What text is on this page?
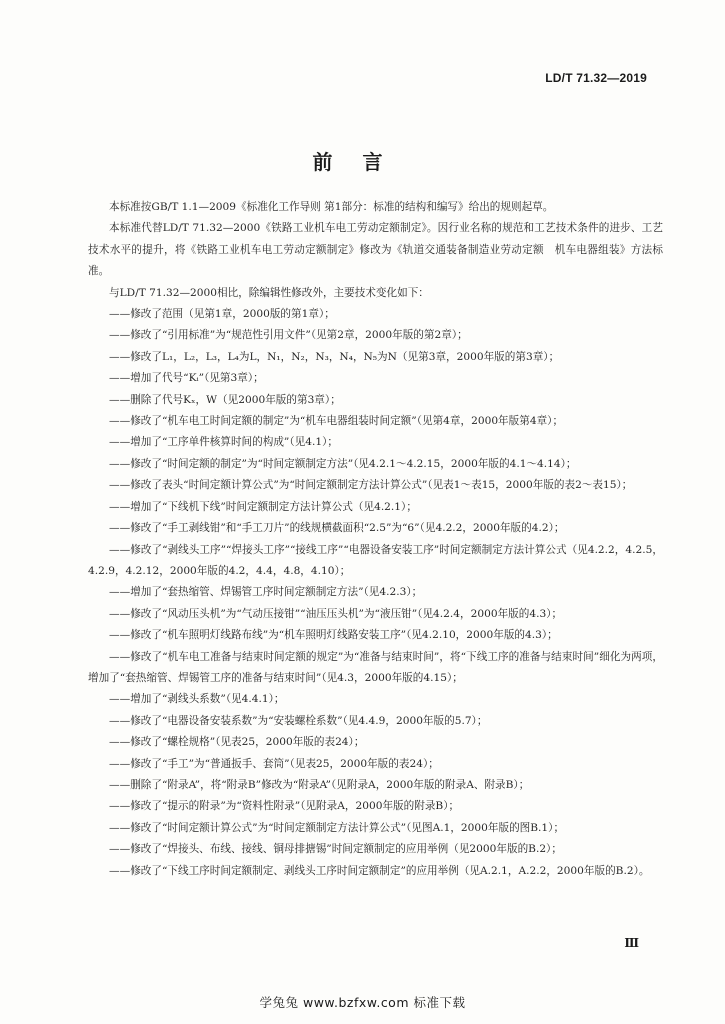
LD/T 71.32—2019
前言

本标准按GB/T 1.1—2009《标准化工作导则 第1部分：标准的结构和编写》给出的规则起草。

本标准代替LD/T 71.32—2000《铁路工业机车电工劳动定额制定》。因行业名称的规范和工艺技术条件的进步、工艺技术水平的提升，将《铁路工业机车电工劳动定额制定》修改为《轨道交通装备制造业劳动定额　机车电器组装》方法标准。

与LD/T 71.32—2000相比，除编辑性修改外，主要技术变化如下：

——修改了范围（见第1章，2000版的第1章）；

——修改了“引用标准”为“规范性引用文件”（见第2章，2000年版的第2章）；

——修改了L₁，L₂，L₃，L₄为L，N₁，N₂，N₃，N₄，N₅为N（见第3章，2000年版的第3章）；

——增加了代号“Kᵢ”（见第3章）；

——删除了代号Kₓ，W（见2000年版的第3章）；

——修改了“机车电工时间定额的制定”为“机车电器组装时间定额”（见第4章，2000年版第4章）；

——增加了“工序单件核算时间的构成”（见4.1）；

——修改了“时间定额的制定”为“时间定额制定方法”（见4.2.1～4.2.15，2000年版的4.1～4.14）；

——修改了表头“时间定额计算公式”为“时间定额制定方法计算公式”（见表1～表15，2000年版的表2～表15）；

——增加了“下线机下线”时间定额制定方法计算公式（见4.2.1）；

——修改了“手工剥线钳”和“手工刀片”的线规横截面积“2.5”为“6”（见4.2.2，2000年版的4.2）；

——修改了“剥线头工序”“焊接头工序”“接线工序”“电器设备安装工序”时间定额制定方法计算公式（见4.2.2，4.2.5，4.2.9，4.2.12，2000年版的4.2，4.4，4.8，4.10）；

——增加了“套热缩管、焊锡管工序时间定额制定方法”（见4.2.3）；

——修改了“风动压头机”为“气动压接钳”“油压压头机”为“液压钳”（见4.2.4，2000年版的4.3）；

——修改了“机车照明灯线路布线”为“机车照明灯线路安装工序”（见4.2.10，2000年版的4.3）；

——修改了“机车电工准备与结束时间定额的规定”为“准备与结束时间”，将“下线工序的准备与结束时间”细化为两项，增加了“套热缩管、焊锡管工序的准备与结束时间”（见4.3，2000年版的4.15）；

——增加了“剥线头系数”（见4.4.1）；

——修改了“电器设备安装系数”为“安装螺栓系数”（见4.4.9，2000年版的5.7）；

——修改了“螺栓规格”（见表25，2000年版的表24）；

——修改了“手工”为“普通扳手、套筒”（见表25，2000年版的表24）；

——删除了“附录A”，将“附录B”修改为“附录A”（见附录A，2000年版的附录A、附录B）；

——修改了“提示的附录”为“资料性附录”（见附录A，2000年版的附录B）；

——修改了“时间定额计算公式”为“时间定额制定方法计算公式”（见图A.1，2000年版的图B.1）；

——修改了“焊接头、布线、接线、铜母排搪锡”时间定额制定的应用举例（见2000年版的B.2）；

——修改了“下线工序时间定额制定、剥线头工序时间定额制定”的应用举例（见A.2.1，A.2.2，2000年版的B.2）。

Ⅲ
学兔兔 www.bzfxw.com 标准下载
